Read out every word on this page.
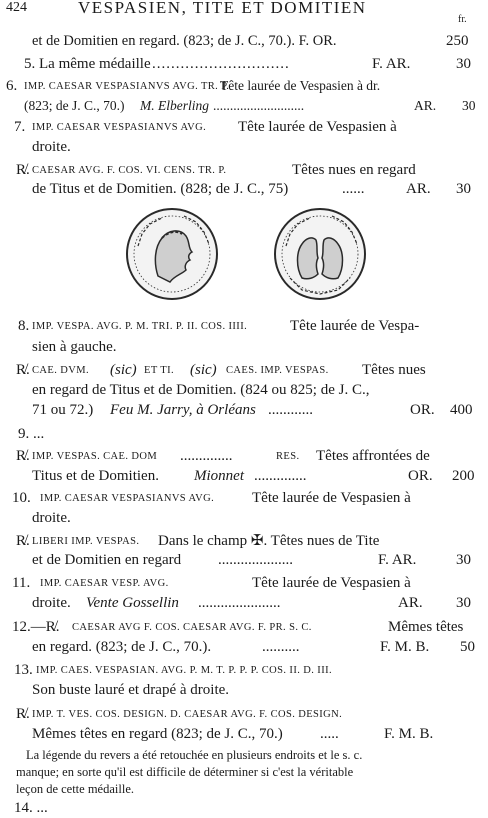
424	VESPASIEN, TITE ET DOMITIEN
fr.
et de Domitien en regard. (823; de J. C., 70.). F. OR.	250
5. La même médaille .............................	F. AR.	30
6. IMP. CAESAR VESPASIANVS AVG. TR. P.
Tête laurée de Vespasien à dr.
(823; de J. C., 70.) M. Elberling ...........................	AR. 30
7. IMP. CAESAR VESPASIANVS AVG. Tête laurée de Vespasien à
droite.
R̸. CAESAR AVG. F. COS. VI. CENS. TR. P.	Têtes nues en regard
de Titus et de Domitien. (828; de J. C., 75)	......	AR. 30
8. IMP. VESPA. AVG. P. M. TRI. P. II. COS. IIII.	Tête laurée de Vespa-
sien à gauche.
R̸. CAE. DVM. (sic) ET TI. (sic) CAES. IMP. VESPAS. Têtes nues
en regard de Titus et de Domitien. (824 ou 825; de J. C.,
71 ou 72.) Feu M. Jarry, à Orléans ............	OR. 400
9. ...
R̸. IMP. VESPAS. CAE. DOM ..............	RES. Têtes affrontées de
Titus et de Domitien. Mionnet ..............	OR. 200
10. IMP. CAESAR VESPASIANVS AVG.	Tête laurée de Vespasien à
droite.
R̸. LIBERI IMP. VESPAS. Dans le champ ✠. Têtes nues de Tite
et de Domitien en regard ....................	F. AR.	30
11. IMP. CAESAR VESP. AVG.	Tête laurée de Vespasien à
droite. Vente Gossellin ......................	AR. 30
12.—R̸. CAESAR AVG F. COS. CAESAR AVG. F. PR. S. C.	Mêmes têtes
en regard. (823; de J. C., 70.).	..........	F. M. B. 50
13. IMP. CAES. VESPASIAN. AVG. P. M. T. P. P. P. COS. II. D. III.
Son buste lauré et drapé à droite.
R̸. IMP. T. VES. COS. DESIGN. D. CAESAR AVG. F. COS. DESIGN.
Mêmes têtes en regard (823; de J. C., 70.) .....	F. M. B.
La légende du revers a été retouchée en plusieurs endroits et le s. c.
manque; en sorte qu'il est difficile de déterminer si c'est la véritable
leçon de cette médaille.
14. ...
